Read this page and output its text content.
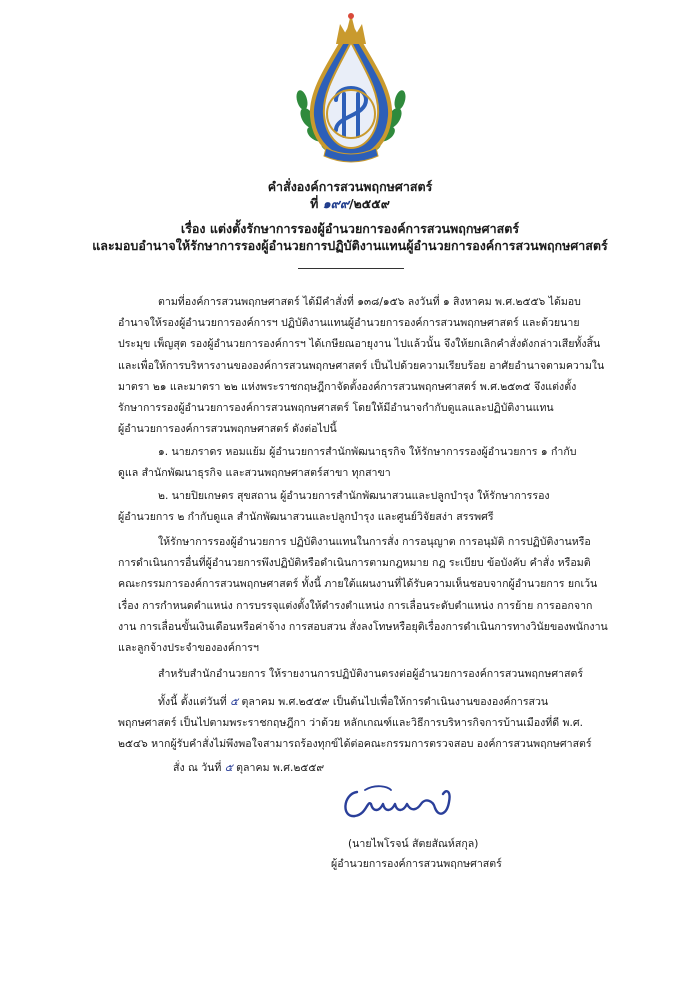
คำสั่งองค์การสวนพฤกษศาสตร์
ที่ ๑๙๙/๒๕๕๙
เรื่อง แต่งตั้งรักษาการรองผู้อำนวยการองค์การสวนพฤกษศาสตร์
และมอบอำนาจให้รักษาการรองผู้อำนวยการปฏิบัติงานแทนผู้อำนวยการองค์การสวนพฤกษศาสตร์
ตามที่องค์การสวนพฤกษศาสตร์ ได้มีคำสั่งที่ ๑๓๘/๑๕๖ ลงวันที่ ๑ สิงหาคม พ.ศ.๒๕๕๖ ได้มอบ
อำนาจให้รองผู้อำนวยการองค์การฯ ปฏิบัติงานแทนผู้อำนวยการองค์การสวนพฤกษศาสตร์ และด้วยนาย
ประมุข เพ็ญสุต รองผู้อำนวยการองค์การฯ ได้เกษียณอายุงาน ไปแล้วนั้น จึงให้ยกเลิกคำสั่งดังกล่าวเสียทั้งสิ้น
และเพื่อให้การบริหารงานขององค์การสวนพฤกษศาสตร์ เป็นไปด้วยความเรียบร้อย อาศัยอำนาจตามความใน
มาตรา ๒๑ และมาตรา ๒๒ แห่งพระราชกฤษฎีกาจัดตั้งองค์การสวนพฤกษศาสตร์ พ.ศ.๒๕๓๕ จึงแต่งตั้ง
รักษาการรองผู้อำนวยการองค์การสวนพฤกษศาสตร์ โดยให้มีอำนาจกำกับดูแลและปฏิบัติงานแทน
ผู้อำนวยการองค์การสวนพฤกษศาสตร์ ดังต่อไปนี้
๑. นายภราดร หอมแย้ม ผู้อำนวยการสำนักพัฒนาธุรกิจ ให้รักษาการรองผู้อำนวยการ ๑ กำกับ
ดูแล สำนักพัฒนาธุรกิจ และสวนพฤกษศาสตร์สาขา ทุกสาขา
๒. นายปิยเกษตร สุขสถาน ผู้อำนวยการสำนักพัฒนาสวนและปลูกบำรุง ให้รักษาการรอง
ผู้อำนวยการ ๒ กำกับดูแล สำนักพัฒนาสวนและปลูกบำรุง และศูนย์วิจัยสง่า สรรพศรี
ให้รักษาการรองผู้อำนวยการ ปฏิบัติงานแทนในการสั่ง การอนุญาต การอนุมัติ การปฏิบัติงานหรือ
การดำเนินการอื่นที่ผู้อำนวยการพึงปฏิบัติหรือดำเนินการตามกฎหมาย กฎ ระเบียบ ข้อบังคับ คำสั่ง หรือมติ
คณะกรรมการองค์การสวนพฤกษศาสตร์ ทั้งนี้ ภายใต้แผนงานที่ได้รับความเห็นชอบจากผู้อำนวยการ ยกเว้น
เรื่อง การกำหนดตำแหน่ง การบรรจุแต่งตั้งให้ดำรงตำแหน่ง การเลื่อนระดับตำแหน่ง การย้าย การออกจาก
งาน การเลื่อนขั้นเงินเดือนหรือค่าจ้าง การสอบสวน สั่งลงโทษหรือยุติเรื่องการดำเนินการทางวินัยของพนักงาน
และลูกจ้างประจำขององค์การฯ
สำหรับสำนักอำนวยการ ให้รายงานการปฏิบัติงานตรงต่อผู้อำนวยการองค์การสวนพฤกษศาสตร์
ทั้งนี้ ตั้งแต่วันที่ ๕ ตุลาคม พ.ศ.๒๕๕๙ เป็นต้นไปเพื่อให้การดำเนินงานขององค์การสวน
พฤกษศาสตร์ เป็นไปตามพระราชกฤษฎีกา ว่าด้วย หลักเกณฑ์และวิธีการบริหารกิจการบ้านเมืองที่ดี พ.ศ.
๒๕๔๖ หากผู้รับคำสั่งไม่พึงพอใจสามารถร้องทุกข์ได้ต่อคณะกรรมการตรวจสอบ องค์การสวนพฤกษศาสตร์
สั่ง ณ วันที่ ๕ ตุลาคม พ.ศ.๒๕๕๙
(นายไพโรจน์ สัตยสัณห์สกุล)
ผู้อำนวยการองค์การสวนพฤกษศาสตร์
